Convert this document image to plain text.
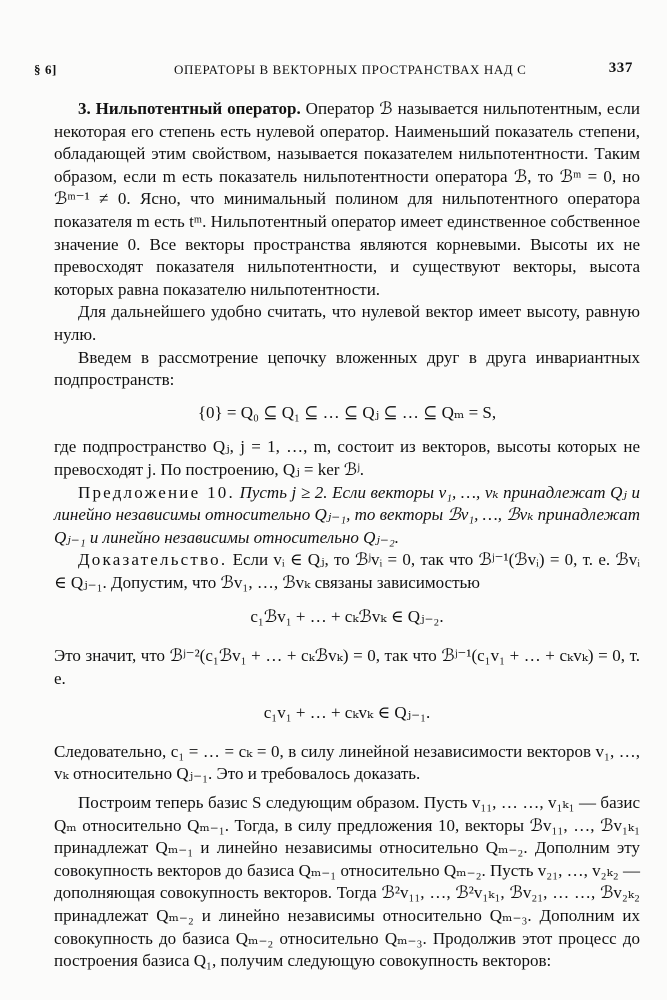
§ 6]	ОПЕРАТОРЫ В ВЕКТОРНЫХ ПРОСТРАНСТВАХ НАД C	337

3. Нильпотентный оператор. Оператор ℬ называется нильпотентным, если некоторая его степень есть нулевой оператор. Наименьший показатель степени, обладающей этим свойством, называется показателем нильпотентности. Таким образом, если m есть показатель нильпотентности оператора ℬ, то ℬᵐ = 0, но ℬᵐ⁻¹ ≠ 0. Ясно, что минимальный полином для нильпотентного оператора показателя m есть tᵐ. Нильпотентный оператор имеет единственное собственное значение 0. Все векторы пространства являются корневыми. Высоты их не превосходят показателя нильпотентности, и существуют векторы, высота которых равна показателю нильпотентности.

Для дальнейшего удобно считать, что нулевой вектор имеет высоту, равную нулю.

Введем в рассмотрение цепочку вложенных друг в друга инвариантных подпространств:

{0} = Q₀ ⊆ Q₁ ⊆ … ⊆ Qⱼ ⊆ … ⊆ Qₘ = S,

где подпространство Qⱼ, j = 1, …, m, состоит из векторов, высоты которых не превосходят j. По построению, Qⱼ = ker ℬʲ.

Предложение 10. Пусть j ≥ 2. Если векторы v₁, …, vₖ принадлежат Qⱼ и линейно независимы относительно Qⱼ₋₁, то векторы ℬv₁, …, ℬvₖ принадлежат Qⱼ₋₁ и линейно независимы относительно Qⱼ₋₂.

Доказательство. Если vᵢ ∈ Qⱼ, то ℬʲvᵢ = 0, так что ℬʲ⁻¹(ℬvᵢ) = 0, т. е. ℬvᵢ ∈ Qⱼ₋₁. Допустим, что ℬv₁, …, ℬvₖ связаны зависимостью

c₁ℬv₁ + … + cₖℬvₖ ∈ Qⱼ₋₂.

Это значит, что ℬʲ⁻²(c₁ℬv₁ + … + cₖℬvₖ) = 0, так что ℬʲ⁻¹(c₁v₁ + … + cₖvₖ) = 0, т. е.

c₁v₁ + … + cₖvₖ ∈ Qⱼ₋₁.

Следовательно, c₁ = … = cₖ = 0, в силу линейной независимости векторов v₁, …, vₖ относительно Qⱼ₋₁. Это и требовалось доказать.

Построим теперь базис S следующим образом. Пусть v₁₁, … …, v₁ₖ₁ — базис Qₘ относительно Qₘ₋₁. Тогда, в силу предложения 10, векторы ℬv₁₁, …, ℬv₁ₖ₁ принадлежат Qₘ₋₁ и линейно независимы относительно Qₘ₋₂. Дополним эту совокупность векторов до базиса Qₘ₋₁ относительно Qₘ₋₂. Пусть v₂₁, …, v₂ₖ₂ — дополняющая совокупность векторов. Тогда ℬ²v₁₁, …, ℬ²v₁ₖ₁, ℬv₂₁, … …, ℬv₂ₖ₂ принадлежат Qₘ₋₂ и линейно независимы относительно Qₘ₋₃. Дополним их совокупность до базиса Qₘ₋₂ относительно Qₘ₋₃. Продолжив этот процесс до построения базиса Q₁, получим следующую совокупность векторов:
